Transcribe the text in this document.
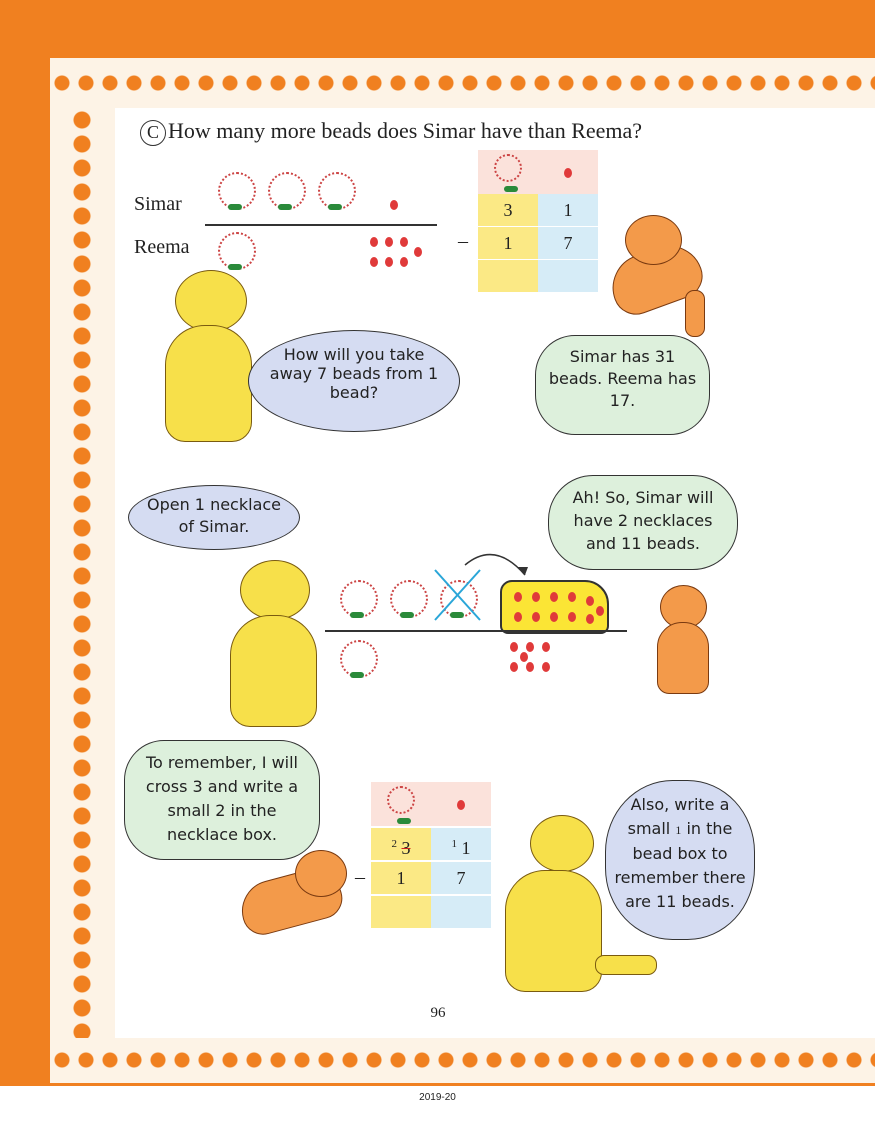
C How many more beads does Simar have than Reema?
Simar
Reema
3	1
1	7
–
How will you take away 7 beads from 1 bead?
Simar has 31 beads. Reema has 17.
Open 1 necklace of Simar.
Ah! So, Simar will have 2 necklaces and 11 beads.
To remember, I will cross 3 and write a small 2 in the necklace box.
Also, write a small 1 in the bead box to remember there are 11 beads.
$^2$ 3	$^1$ 1
1	7
–
96
2019-20
